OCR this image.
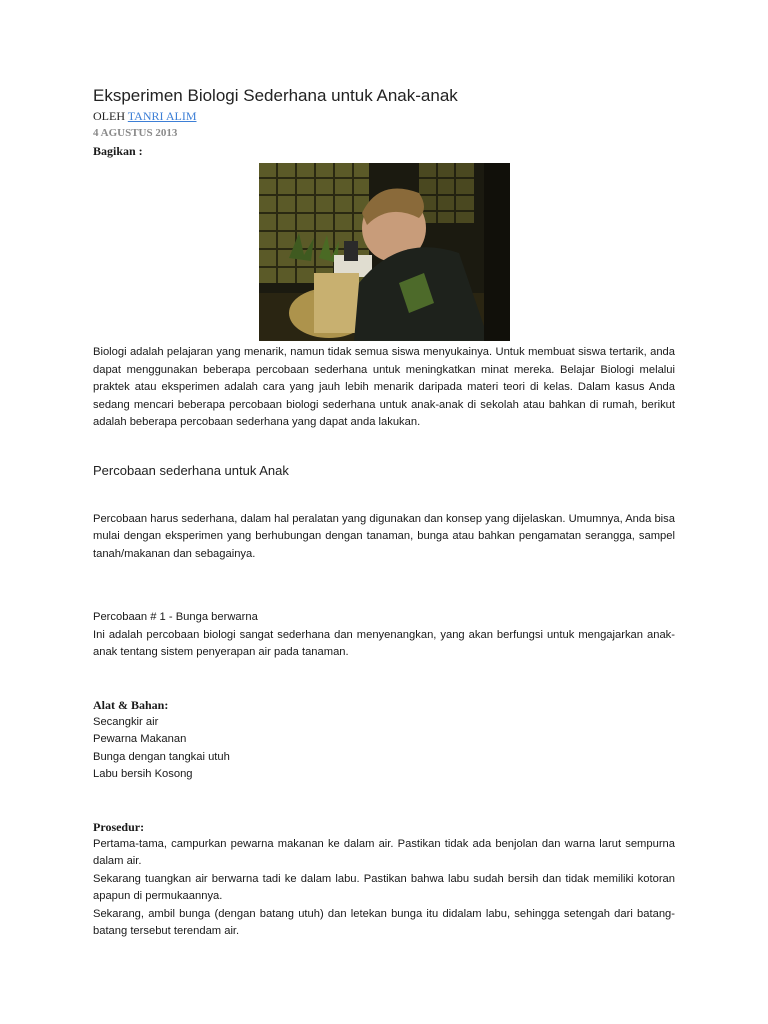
Eksperimen Biologi Sederhana untuk Anak-anak
OLEH TANRI ALIM
4 AGUSTUS 2013
Bagikan :

Biologi adalah pelajaran yang menarik, namun tidak semua siswa menyukainya. Untuk membuat siswa tertarik, anda dapat menggunakan beberapa percobaan sederhana untuk meningkatkan minat mereka. Belajar Biologi melalui praktek atau eksperimen adalah cara yang jauh lebih menarik daripada materi teori di kelas. Dalam kasus Anda sedang mencari beberapa percobaan biologi sederhana untuk anak-anak di sekolah atau bahkan di rumah, berikut adalah beberapa percobaan sederhana yang dapat anda lakukan.

Percobaan sederhana untuk Anak

Percobaan harus sederhana, dalam hal peralatan yang digunakan dan konsep yang dijelaskan. Umumnya, Anda bisa mulai dengan eksperimen yang berhubungan dengan tanaman, bunga atau bahkan pengamatan serangga, sampel tanah/makanan dan sebagainya.

Percobaan # 1 - Bunga berwarna

Ini adalah percobaan biologi sangat sederhana dan menyenangkan, yang akan berfungsi untuk mengajarkan anak-anak tentang sistem penyerapan air pada tanaman.

Alat & Bahan:
Secangkir air
Pewarna Makanan
Bunga dengan tangkai utuh
Labu bersih Kosong
Prosedur:

Pertama-tama, campurkan pewarna makanan ke dalam air. Pastikan tidak ada benjolan dan warna larut sempurna dalam air.

Sekarang tuangkan air berwarna tadi ke dalam labu. Pastikan bahwa labu sudah bersih dan tidak memiliki kotoran apapun di permukaannya.

Sekarang, ambil bunga (dengan batang utuh) dan letekan bunga itu didalam labu, sehingga setengah dari batang-batang tersebut terendam air.
